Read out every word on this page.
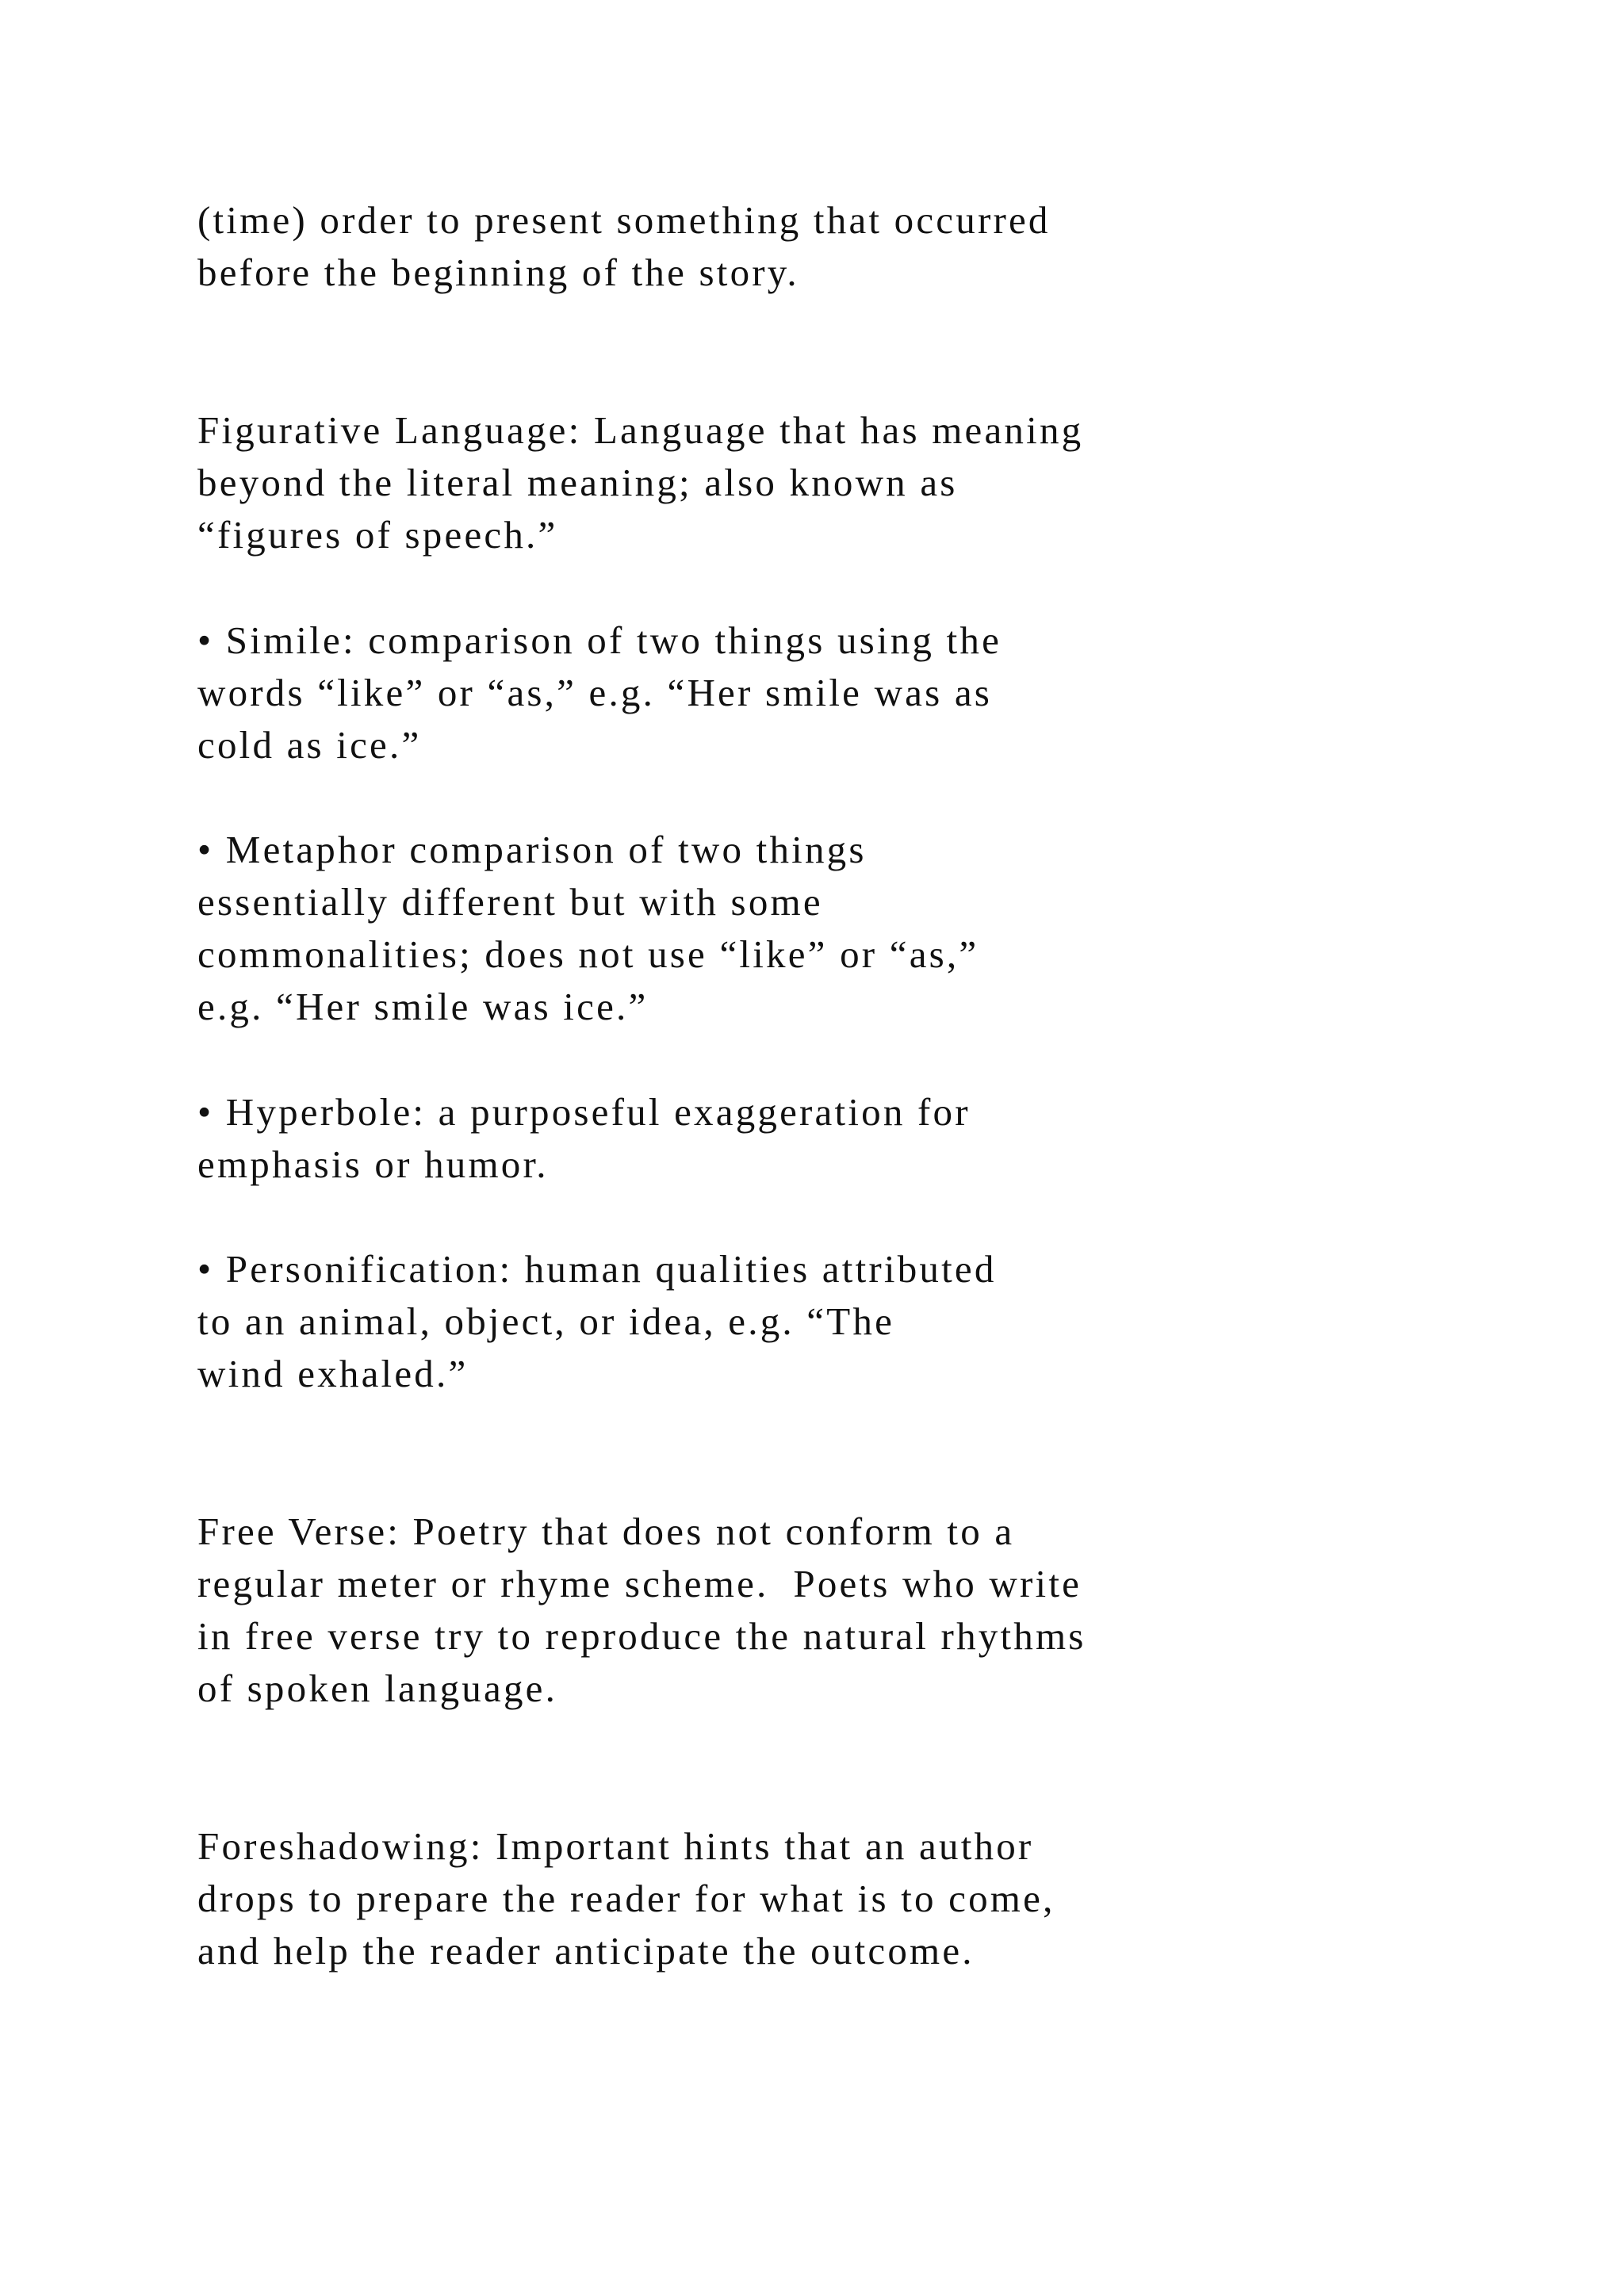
(time) order to present something that occurred

before the beginning of the story.

Figurative Language: Language that has meaning

beyond the literal meaning; also known as

“figures of speech.”

• Simile: comparison of two things using the

words “like” or “as,” e.g. “Her smile was as

cold as ice.”

• Metaphor comparison of two things

essentially different but with some

commonalities; does not use “like” or “as,”

e.g. “Her smile was ice.”

• Hyperbole: a purposeful exaggeration for

emphasis or humor.

• Personification: human qualities attributed

to an animal, object, or idea, e.g. “The

wind exhaled.”

Free Verse: Poetry that does not conform to a

regular meter or rhyme scheme.  Poets who write

in free verse try to reproduce the natural rhythms

of spoken language.

Foreshadowing: Important hints that an author

drops to prepare the reader for what is to come,

and help the reader anticipate the outcome.
